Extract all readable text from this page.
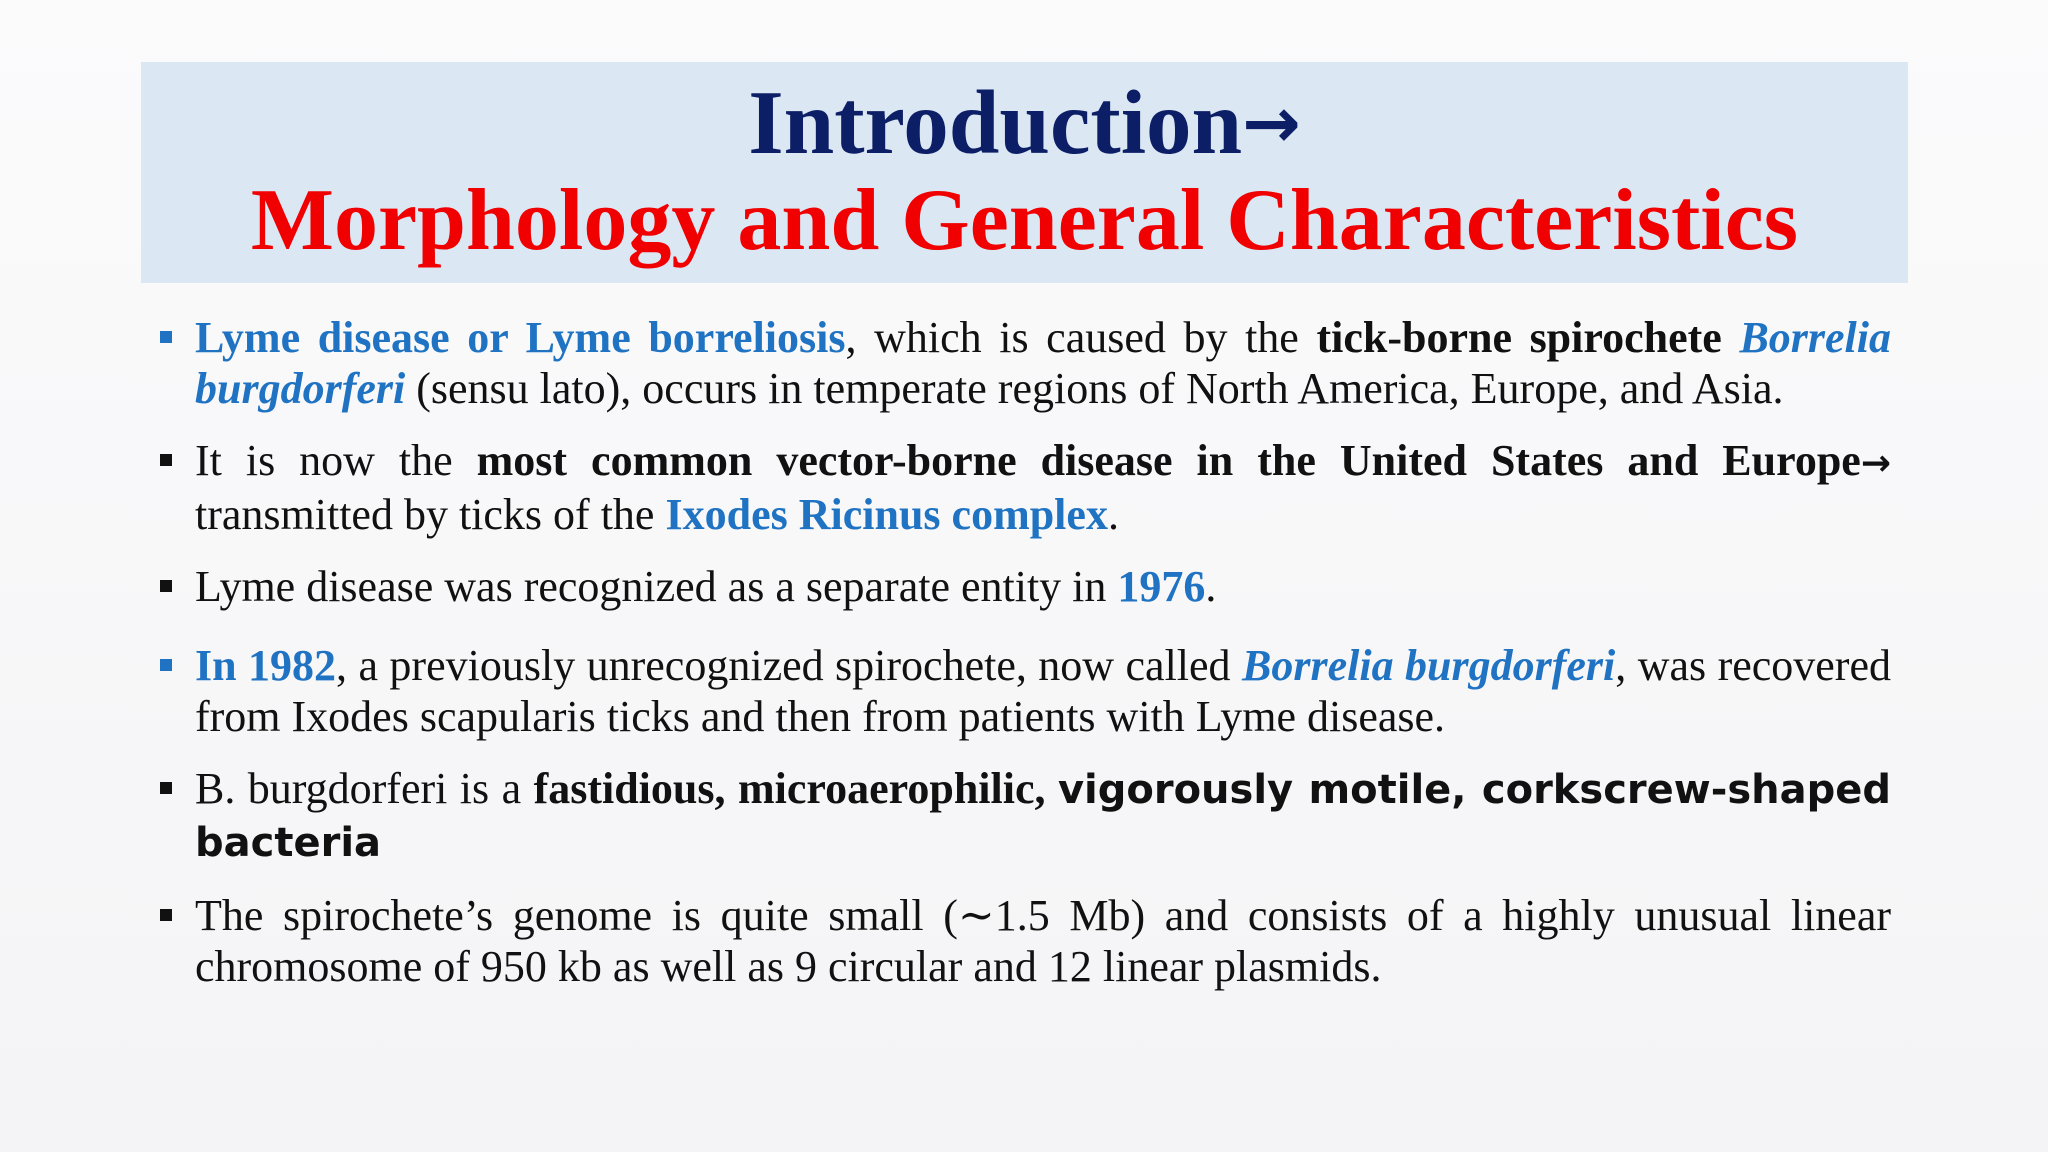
Introduction→
Morphology and General Characteristics
Lyme disease or Lyme borreliosis, which is caused by the tick-borne spirochete Borrelia burgdorferi (sensu lato), occurs in temperate regions of North America, Europe, and Asia.
It is now the most common vector-borne disease in the United States and Europe→ transmitted by ticks of the Ixodes Ricinus complex.
Lyme disease was recognized as a separate entity in 1976.
In 1982, a previously unrecognized spirochete, now called Borrelia burgdorferi, was recovered from Ixodes scapularis ticks and then from patients with Lyme disease.
B. burgdorferi is a fastidious, microaerophilic, vigorously motile, corkscrew-shaped bacteria
The spirochete’s genome is quite small (∼1.5 Mb) and consists of a highly unusual linear chromosome of 950 kb as well as 9 circular and 12 linear plasmids.
